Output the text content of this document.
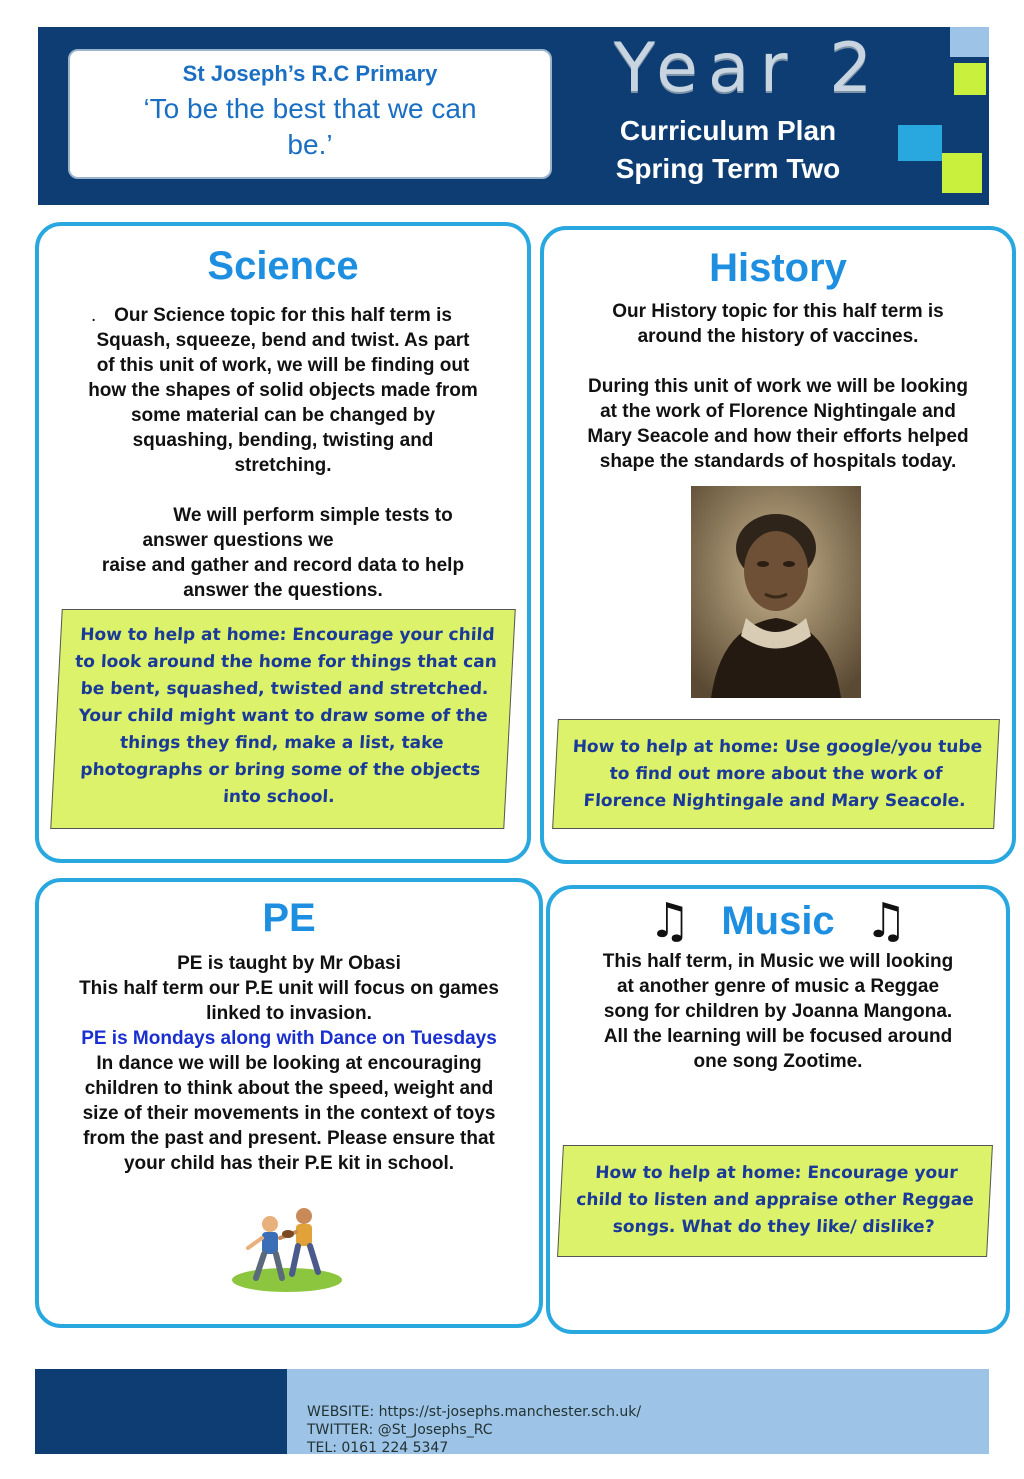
St Joseph’s R.C Primary
‘To be the best that we can
be.’
Year 2
Curriculum Plan
Spring Term Two
Science
. Our Science topic for this half term is
Squash, squeeze, bend and twist. As part
of this unit of work, we will be finding out
how the shapes of solid objects made from
some material can be changed by
squashing, bending, twisting and
stretching.
We will perform simple tests to
answer questions we
raise and gather and record data to help
answer the questions.
How to help at home: Encourage your child
to look around the home for things that can
be bent, squashed, twisted and stretched.
Your child might want to draw some of the
things they find, make a list, take
photographs or bring some of the objects
into school.
History
Our History topic for this half term is
around the history of vaccines.
During this unit of work we will be looking
at the work of Florence Nightingale and
Mary Seacole and how their efforts helped
shape the standards of hospitals today.
How to help at home: Use google/you tube
to find out more about the work of
Florence Nightingale and Mary Seacole.
PE
PE is taught by Mr Obasi
This half term our P.E unit will focus on games
linked to invasion.
PE is Mondays along with Dance on Tuesdays
In dance we will be looking at encouraging
children to think about the speed, weight and
size of their movements in the context of toys
from the past and present. Please ensure that
your child has their P.E kit in school.
♫ Music ♫
This half term, in Music we will looking
at another genre of music a Reggae
song for children by Joanna Mangona.
All the learning will be focused around
one song Zootime.
How to help at home: Encourage your
child to listen and appraise other Reggae
songs. What do they like/ dislike?
WEBSITE: https://st-josephs.manchester.sch.uk/
TWITTER: @St_Josephs_RC
TEL: 0161 224 5347
